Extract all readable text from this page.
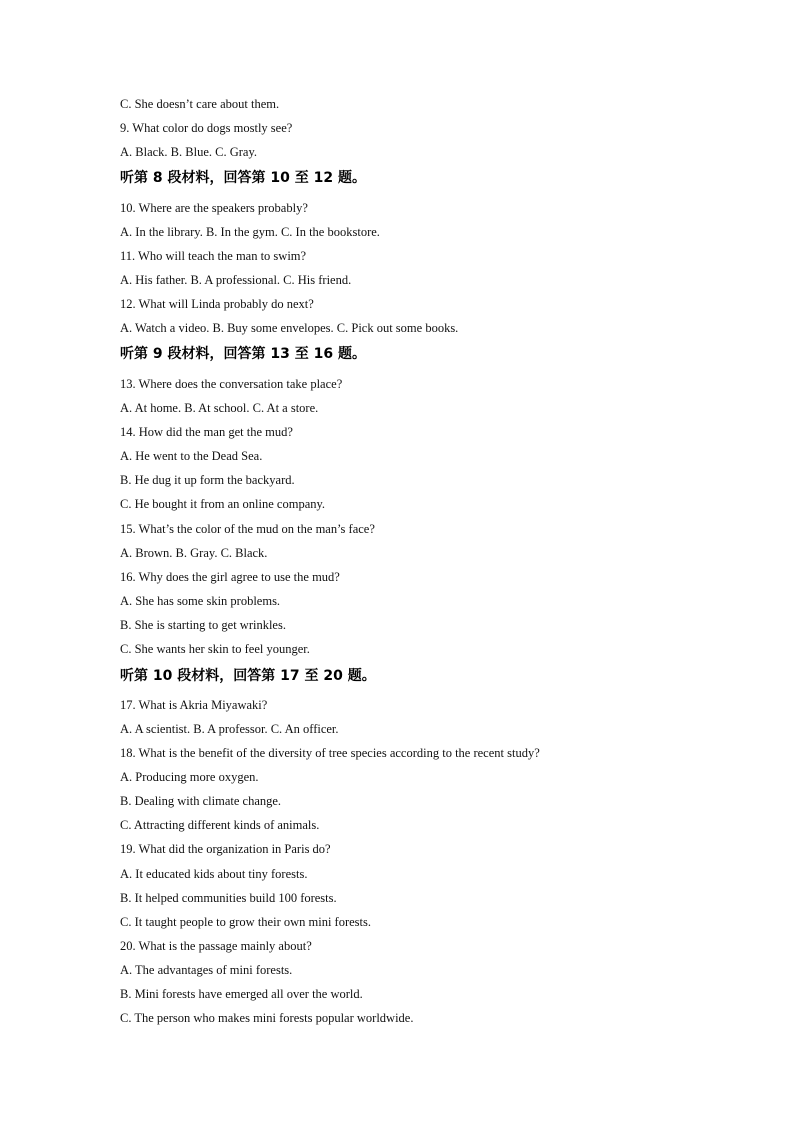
C. She doesn’t care about them.
9. What color do dogs mostly see?
A. Black. B. Blue. C. Gray.
听第 8 段材料，回答第 10 至 12 题。
10. Where are the speakers probably?
A. In the library. B. In the gym. C. In the bookstore.
11. Who will teach the man to swim?
A. His father. B. A professional. C. His friend.
12. What will Linda probably do next?
A. Watch a video. B. Buy some envelopes. C. Pick out some books.
听第 9 段材料，回答第 13 至 16 题。
13. Where does the conversation take place?
A. At home. B. At school. C. At a store.
14. How did the man get the mud?
A. He went to the Dead Sea.
B. He dug it up form the backyard.
C. He bought it from an online company.
15. What’s the color of the mud on the man’s face?
A. Brown. B. Gray. C. Black.
16. Why does the girl agree to use the mud?
A. She has some skin problems.
B. She is starting to get wrinkles.
C. She wants her skin to feel younger.
听第 10 段材料，回答第 17 至 20 题。
17. What is Akria Miyawaki?
A. A scientist. B. A professor. C. An officer.
18. What is the benefit of the diversity of tree species according to the recent study?
A. Producing more oxygen.
B. Dealing with climate change.
C. Attracting different kinds of animals.
19. What did the organization in Paris do?
A. It educated kids about tiny forests.
B. It helped communities build 100 forests.
C. It taught people to grow their own mini forests.
20. What is the passage mainly about?
A. The advantages of mini forests.
B. Mini forests have emerged all over the world.
C. The person who makes mini forests popular worldwide.
